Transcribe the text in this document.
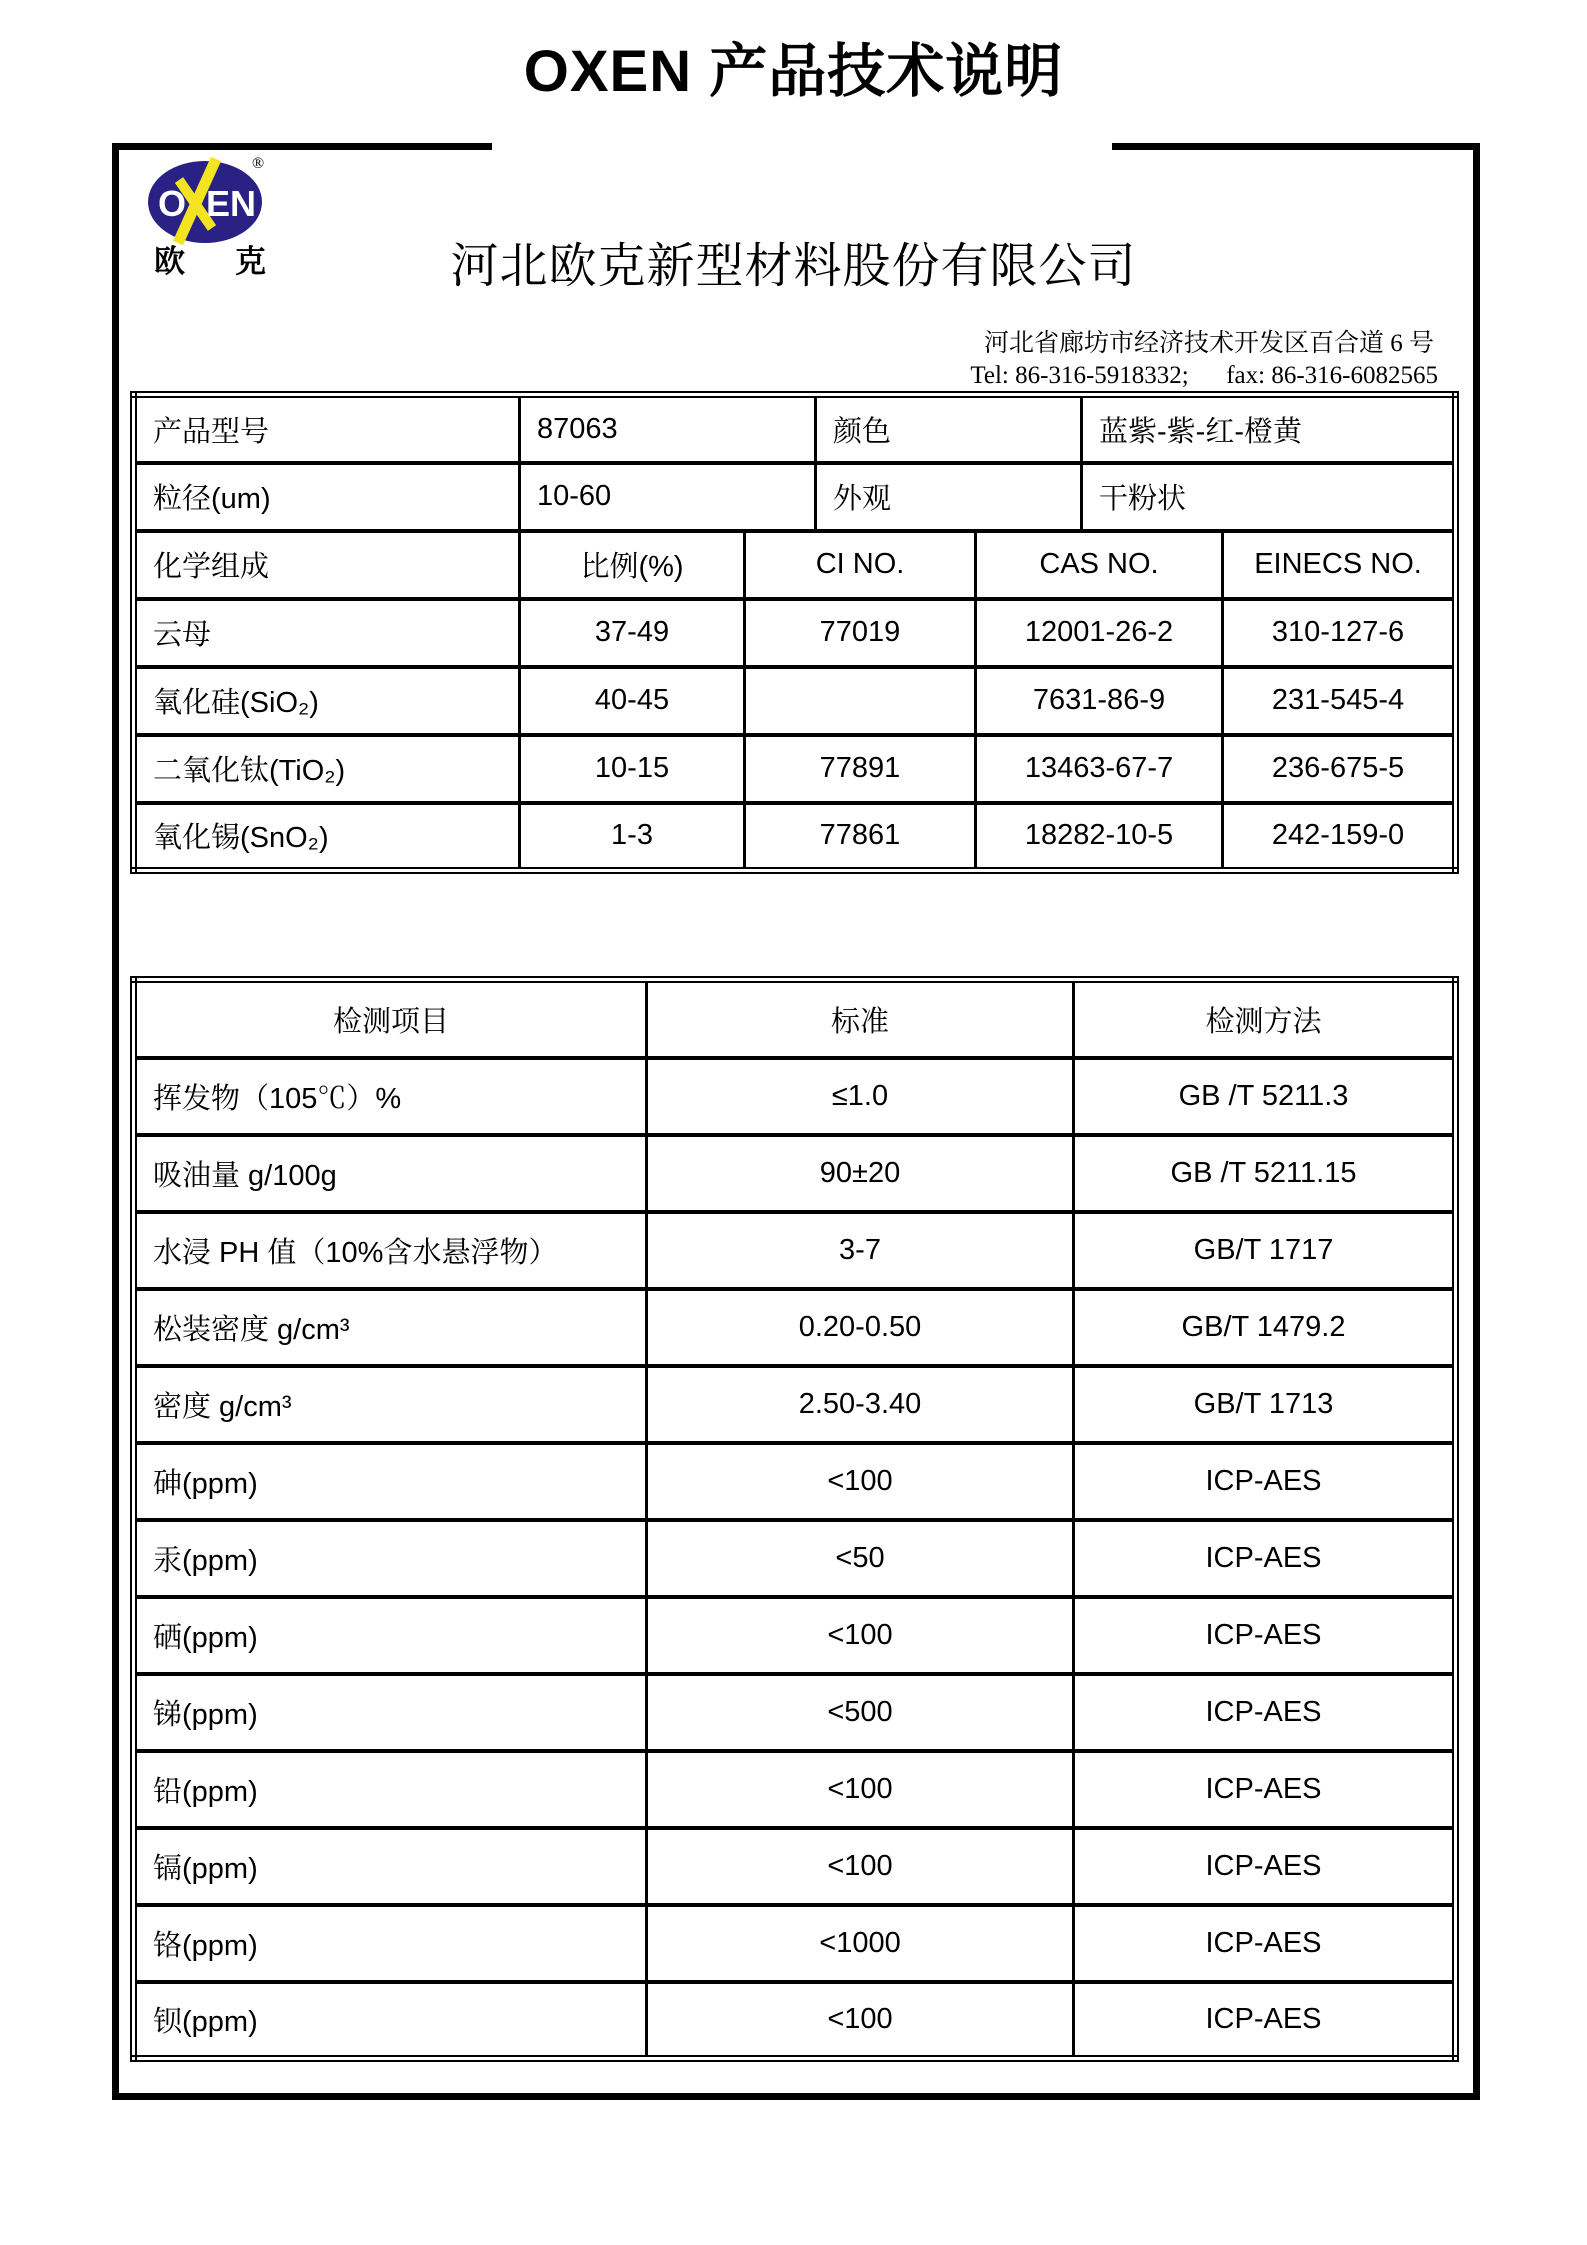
OXEN 产品技术说明
O EN
®
欧 克	河北欧克新型材料股份有限公司
河北省廊坊市经济技术开发区百合道 6 号
Tel: 86-316-5918332;      fax: 86-316-6082565
产品型号	87063		颜色		蓝紫-紫-红-橙黄	
粒径(um)	10-60		外观		干粉状	
化学组成	比例(%)	CI NO.		CAS NO.		EINECS NO.
云母	37-49	77019		12001-26-2		310-127-6
氧化硅(SiO₂)	40-45			7631-86-9		231-545-4
二氧化钛(TiO₂)	10-15	77891		13463-67-7		236-675-5
氧化锡(SnO₂)	1-3	77861		18282-10-5		242-159-0
检测项目	标准	检测方法
挥发物（105℃）%	≤1.0	GB /T 5211.3
吸油量 g/100g	90±20	GB /T 5211.15
水浸 PH 值（10%含水悬浮物）	3-7	GB/T 1717
松装密度 g/cm³	0.20-0.50	GB/T 1479.2
密度 g/cm³	2.50-3.40	GB/T 1713
砷(ppm)	<100	ICP-AES
汞(ppm)	<50	ICP-AES
硒(ppm)	<100	ICP-AES
锑(ppm)	<500	ICP-AES
铅(ppm)	<100	ICP-AES
镉(ppm)	<100	ICP-AES
铬(ppm)	<1000	ICP-AES
钡(ppm)	<100	ICP-AES
